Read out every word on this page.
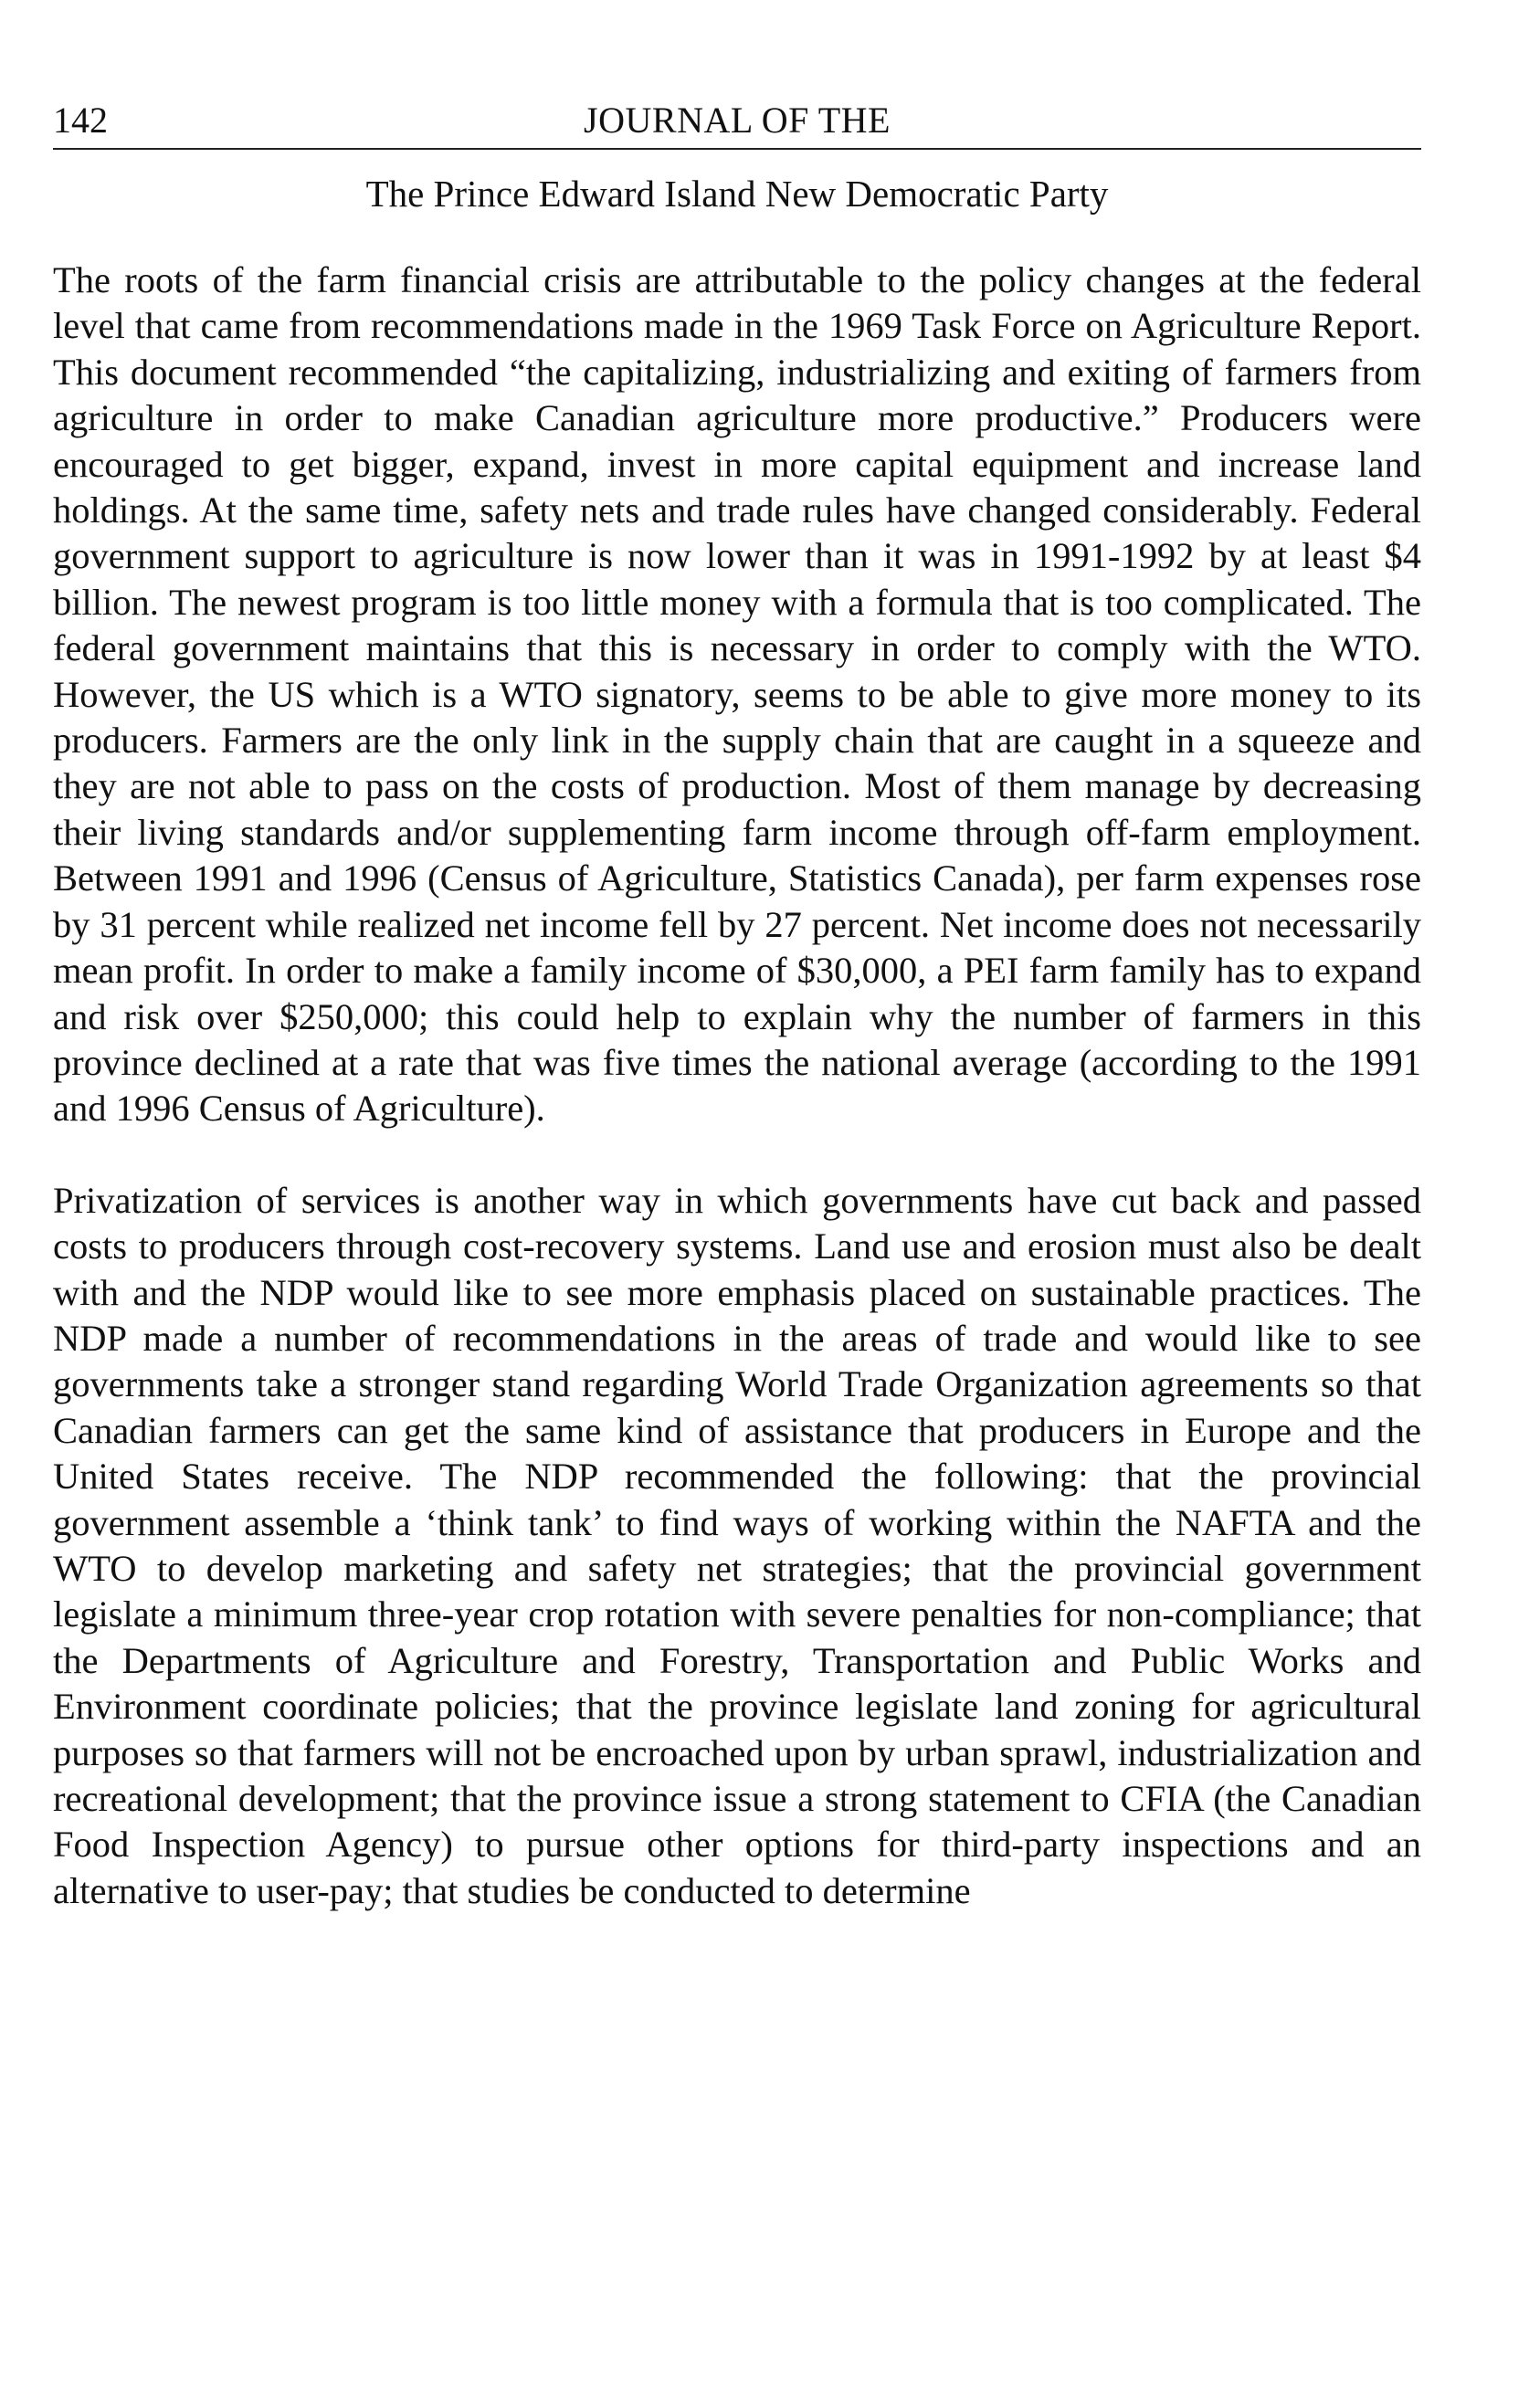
142	JOURNAL OF THE
The Prince Edward Island New Democratic Party

The roots of the farm financial crisis are attributable to the policy changes at the federal level that came from recommendations made in the 1969 Task Force on Agriculture Report. This document recommended “the capitalizing, industrializing and exiting of farmers from agriculture in order to make Canadian agriculture more productive.” Producers were encouraged to get bigger, expand, invest in more capital equipment and increase land holdings. At the same time, safety nets and trade rules have changed considerably. Federal government support to agriculture is now lower than it was in 1991-1992 by at least $4 billion. The newest program is too little money with a formula that is too complicated. The federal government maintains that this is necessary in order to comply with the WTO. However, the US which is a WTO signatory, seems to be able to give more money to its producers. Farmers are the only link in the supply chain that are caught in a squeeze and they are not able to pass on the costs of production. Most of them manage by decreasing their living standards and/or supplementing farm income through off-farm employment. Between 1991 and 1996 (Census of Agriculture, Statistics Canada), per farm expenses rose by 31 percent while realized net income fell by 27 percent. Net income does not necessarily mean profit. In order to make a family income of $30,000, a PEI farm family has to expand and risk over $250,000; this could help to explain why the number of farmers in this province declined at a rate that was five times the national average (according to the 1991 and 1996 Census of Agriculture).

Privatization of services is another way in which governments have cut back and passed costs to producers through cost-recovery systems. Land use and erosion must also be dealt with and the NDP would like to see more emphasis placed on sustainable practices. The NDP made a number of recommendations in the areas of trade and would like to see governments take a stronger stand regarding World Trade Organization agreements so that Canadian farmers can get the same kind of assistance that producers in Europe and the United States receive. The NDP recommended the following: that the provincial government assemble a ‘think tank’ to find ways of working within the NAFTA and the WTO to develop marketing and safety net strategies; that the provincial government legislate a minimum three-year crop rotation with severe penalties for non-compliance; that the Departments of Agriculture and Forestry, Transportation and Public Works and Environment coordinate policies; that the province legislate land zoning for agricultural purposes so that farmers will not be encroached upon by urban sprawl, industrialization and recreational development; that the province issue a strong statement to CFIA (the Canadian Food Inspection Agency) to pursue other options for third-party inspections and an alternative to user-pay; that studies be conducted to determine
